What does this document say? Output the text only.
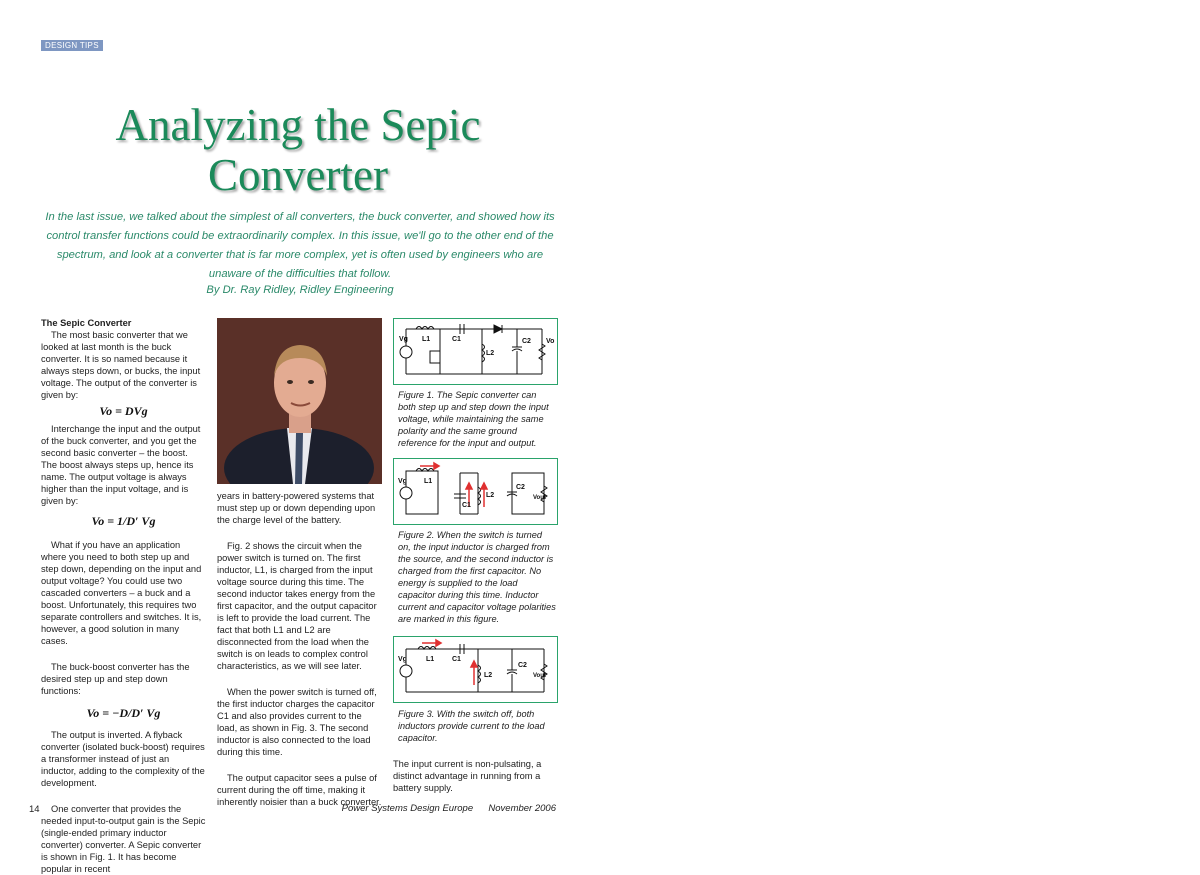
DESIGN TIPS
Analyzing the Sepic
Converter
In the last issue, we talked about the simplest of all converters, the buck converter, and showed how its control transfer functions could be extraordinarily complex. In this issue, we'll go to the other end of the spectrum, and look at a converter that is far more complex, yet is often used by engineers who are unaware of the difficulties that follow.
By Dr. Ray Ridley, Ridley Engineering

The Sepic Converter

The most basic converter that we looked at last month is the buck converter. It is so named because it always steps down, or bucks, the input voltage. The output of the converter is given by:

Vo = DVg

Interchange the input and the output of the buck converter, and you get the second basic converter – the boost. The boost always steps up, hence its name. The output voltage is always higher than the input voltage, and is given by:

Vo = 1/D′ Vg

What if you have an application where you need to both step up and step down, depending on the input and output voltage? You could use two cascaded converters – a buck and a boost. Unfortunately, this requires two separate controllers and switches. It is, however, a good solution in many cases.

The buck-boost converter has the desired step up and step down functions:

Vo = −D/D′ Vg

The output is inverted. A flyback converter (isolated buck-boost) requires a transformer instead of just an inductor, adding to the complexity of the development.

One converter that provides the needed input-to-output gain is the Sepic (single-ended primary inductor converter) converter. A Sepic converter is shown in Fig. 1. It has become popular in recent

years in battery-powered systems that must step up or down depending upon the charge level of the battery.

Fig. 2 shows the circuit when the power switch is turned on. The first inductor, L1, is charged from the input voltage source during this time. The second inductor takes energy from the first capacitor, and the output capacitor is left to provide the load current. The fact that both L1 and L2 are disconnected from the load when the switch is on leads to complex control characteristics, as we will see later.

When the power switch is turned off, the first inductor charges the capacitor C1 and also provides current to the load, as shown in Fig. 3. The second inductor is also connected to the load during this time.

The output capacitor sees a pulse of current during the off time, making it inherently noisier than a buck converter.

Vg L1	C1
L2
C2 Vo
Figure 1. The Sepic converter can both step up and step down the input voltage, while maintaining the same polarity and the same ground reference for the input and output.
Vg L1
C1
L2
C2
Vout
Figure 2. When the switch is turned on, the input inductor is charged from the source, and the second inductor is charged from the first capacitor. No energy is supplied to the load capacitor during this time. Inductor current and capacitor voltage polarities are marked in this figure.
Vg	L1	C1
L2
C2
Vout
Figure 3. With the switch off, both inductors provide current to the load capacitor.

The input current is non-pulsating, a distinct advantage in running from a battery supply.

14	Power Systems Design Europe November 2006
